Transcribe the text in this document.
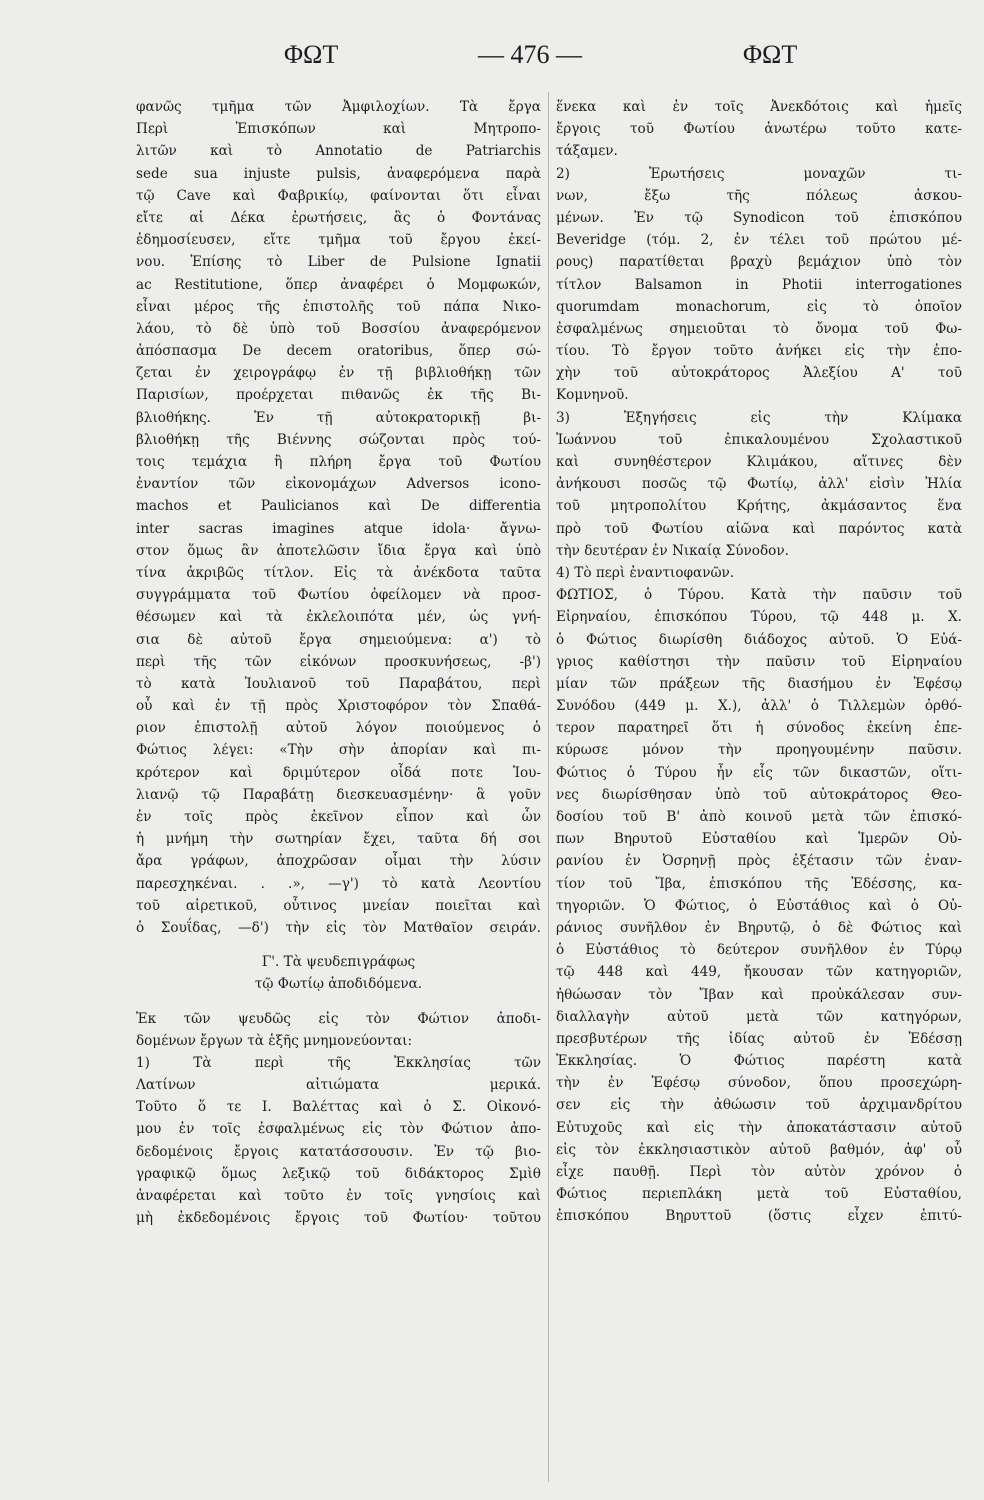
ΦΩΤ	— 476 —	ΦΩΤ
φανῶς τμῆμα τῶν Ἀμφιλοχίων. Τὰ ἔργα
Περὶ Ἐπισκόπων καὶ Μητροπο-
λιτῶν καὶ τὸ Annotatio de Patriarchis
sede sua injuste pulsis, ἀναφερόμενα παρὰ
τῷ Cave καὶ Φαβρικίῳ, φαίνονται ὅτι εἶναι
εἴτε αἱ Δέκα ἐρωτήσεις, ἃς ὁ Φοντάνας
ἐδημοσίευσεν, εἴτε τμῆμα τοῦ ἔργου ἐκεί-
νου. Ἐπίσης τὸ Liber de Pulsione Ignatii
ac Restitutione, ὅπερ ἀναφέρει ὁ Μομφωκών,
εἶναι μέρος τῆς ἐπιστολῆς τοῦ πάπα Νικο-
λάου, τὸ δὲ ὑπὸ τοῦ Βοσσίου ἀναφερόμενον
ἀπόσπασμα De decem oratoribus, ὅπερ σώ-
ζεται ἐν χειρογράφῳ ἐν τῇ βιβλιοθήκῃ τῶν
Παρισίων, προέρχεται πιθανῶς ἐκ τῆς Βι-
βλιοθήκης. Ἐν τῇ αὐτοκρατορικῇ βι-
βλιοθήκῃ τῆς Βιέννης σώζονται πρὸς τού-
τοις τεμάχια ἢ πλήρη ἔργα τοῦ Φωτίου
ἐναντίον τῶν εἰκονομάχων Adversos icono-
machos et Paulicianos καὶ De differentia
inter sacras imagines atque idola· ἄγνω-
στον ὅμως ἂν ἀποτελῶσιν ἴδια ἔργα καὶ ὑπὸ
τίνα ἀκριβῶς τίτλον. Εἰς τὰ ἀνέκδοτα ταῦτα
συγγράμματα τοῦ Φωτίου ὀφείλομεν νὰ προσ-
θέσωμεν καὶ τὰ ἐκλελοιπότα μέν, ὡς γνή-
σια δὲ αὐτοῦ ἔργα σημειούμενα: α') τὸ
περὶ τῆς τῶν εἰκόνων προσκυνήσεως, -β')
τὸ κατὰ Ἰουλιανοῦ τοῦ Παραβάτου, περὶ
οὗ καὶ ἐν τῇ πρὸς Χριστοφόρον τὸν Σπαθά-
ριον ἐπιστολῇ αὐτοῦ λόγον ποιούμενος ὁ
Φώτιος λέγει: «Τὴν σὴν ἀπορίαν καὶ πι-
κρότερον καὶ δριμύτερον οἶδά ποτε Ἰου-
λιανῷ τῷ Παραβάτῃ διεσκευασμένην· ἃ γοῦν
ἐν τοῖς πρὸς ἐκεῖνον εἶπον καὶ ὧν
ἡ μνήμη τὴν σωτηρίαν ἔχει, ταῦτα δή σοι
ἄρα γράφων, ἀποχρῶσαν οἶμαι τὴν λύσιν
παρεσχηκέναι. . .», —γ') τὸ κατὰ Λεοντίου
τοῦ αἱρετικοῦ, οὗτινος μνείαν ποιεῖται καὶ
ὁ Σουΐδας, —δ') τὴν εἰς τὸν Ματθαῖον σειράν.
Γ'. Τὰ ψευδεπιγράφως
τῷ Φωτίῳ ἀποδιδόμενα.
Ἐκ τῶν ψευδῶς εἰς τὸν Φώτιον ἀποδι-
δομένων ἔργων τὰ ἑξῆς μνημονεύονται:
1) Τὰ περὶ τῆς Ἐκκλησίας τῶν
Λατίνων αἰτιώματα μερικά.
Τοῦτο ὅ τε Ι. Βαλέττας καὶ ὁ Σ. Οἰκονό-
μου ἐν τοῖς ἐσφαλμένως εἰς τὸν Φώτιον ἀπο-
δεδομένοις ἔργοις κατατάσσουσιν. Ἐν τῷ βιο-
γραφικῷ ὅμως λεξικῷ τοῦ διδάκτορος Σμὶθ
ἀναφέρεται καὶ τοῦτο ἐν τοῖς γνησίοις καὶ
μὴ ἐκδεδομένοις ἔργοις τοῦ Φωτίου· τοῦτου
ἕνεκα καὶ ἐν τοῖς Ἀνεκδότοις καὶ ἡμεῖς
ἔργοις τοῦ Φωτίου ἀνωτέρω τοῦτο κατε-
τάξαμεν.
2) Ἐρωτήσεις μοναχῶν τι-
νων, ἔξω τῆς πόλεως ἀσκου-
μένων. Ἐν τῷ Synodicon τοῦ ἐπισκόπου
Beveridge (τόμ. 2, ἐν τέλει τοῦ πρώτου μέ-
ρους) παρατίθεται βραχὺ βεμάχιον ὑπὸ τὸν
τίτλον Balsamon in Photii interrogationes
quorumdam monachorum, εἰς τὸ ὁποῖον
ἐσφαλμένως σημειοῦται τὸ ὄνομα τοῦ Φω-
τίου. Τὸ ἔργον τοῦτο ἀνήκει εἰς τὴν ἐπο-
χὴν τοῦ αὐτοκράτορος Ἀλεξίου Α' τοῦ
Κομνηνοῦ.
3) Ἐξηγήσεις εἰς τὴν Κλίμακα
Ἰωάννου τοῦ ἐπικαλουμένου Σχολαστικοῦ
καὶ συνηθέστερον Κλιμάκου, αἵτινες δὲν
ἀνήκουσι ποσῶς τῷ Φωτίῳ, ἀλλ' εἰσὶν Ἠλία
τοῦ μητροπολίτου Κρήτης, ἀκμάσαντος ἕνα
πρὸ τοῦ Φωτίου αἰῶνα καὶ παρόντος κατὰ
τὴν δευτέραν ἐν Νικαίᾳ Σύνοδον.
4) Τὸ περὶ ἐναντιοφανῶν.
ΦΩΤΙΟΣ, ὁ Τύρου. Κατὰ τὴν παῦσιν τοῦ
Εἰρηναίου, ἐπισκόπου Τύρου, τῷ 448 μ. Χ.
ὁ Φώτιος διωρίσθη διάδοχος αὐτοῦ. Ὁ Εὐά-
γριος καθίστησι τὴν παῦσιν τοῦ Εἰρηναίου
μίαν τῶν πράξεων τῆς διασήμου ἐν Ἐφέσῳ
Συνόδου (449 μ. Χ.), ἀλλ' ὁ Τιλλεμὼν ὀρθό-
τερον παρατηρεῖ ὅτι ἡ σύνοδος ἐκείνη ἐπε-
κύρωσε μόνον τὴν προηγουμένην παῦσιν.
Φώτιος ὁ Τύρου ἦν εἷς τῶν δικαστῶν, οἵτι-
νες διωρίσθησαν ὑπὸ τοῦ αὐτοκράτορος Θεο-
δοσίου τοῦ Β' ἀπὸ κοινοῦ μετὰ τῶν ἐπισκό-
πων Βηρυτοῦ Εὐσταθίου καὶ Ἱμερῶν Οὐ-
ρανίου ἐν Ὀσρηνῇ πρὸς ἐξέτασιν τῶν ἐναν-
τίον τοῦ Ἴβα, ἐπισκόπου τῆς Ἐδέσσης, κα-
τηγοριῶν. Ὁ Φώτιος, ὁ Εὐστάθιος καὶ ὁ Οὐ-
ράνιος συνῆλθον ἐν Βηρυτῷ, ὁ δὲ Φώτιος καὶ
ὁ Εὐστάθιος τὸ δεύτερον συνῆλθον ἐν Τύρῳ
τῷ 448 καὶ 449, ἤκουσαν τῶν κατηγοριῶν,
ἠθώωσαν τὸν Ἴβαν καὶ προὐκάλεσαν συν-
διαλλαγὴν αὐτοῦ μετὰ τῶν κατηγόρων,
πρεσβυτέρων τῆς ἰδίας αὐτοῦ ἐν Ἐδέσσῃ
Ἐκκλησίας. Ὁ Φώτιος παρέστη κατὰ
τὴν ἐν Ἐφέσῳ σύνοδον, ὅπου προσεχώρη-
σεν εἰς τὴν ἀθώωσιν τοῦ ἀρχιμανδρίτου
Εὐτυχοῦς καὶ εἰς τὴν ἀποκατάστασιν αὐτοῦ
εἰς τὸν ἐκκλησιαστικὸν αὐτοῦ βαθμόν, ἀφ' οὗ
εἶχε παυθῇ. Περὶ τὸν αὐτὸν χρόνον ὁ
Φώτιος περιεπλάκη μετὰ τοῦ Εὐσταθίου,
ἐπισκόπου Βηρυττοῦ (ὅστις εἶχεν ἐπιτύ-
